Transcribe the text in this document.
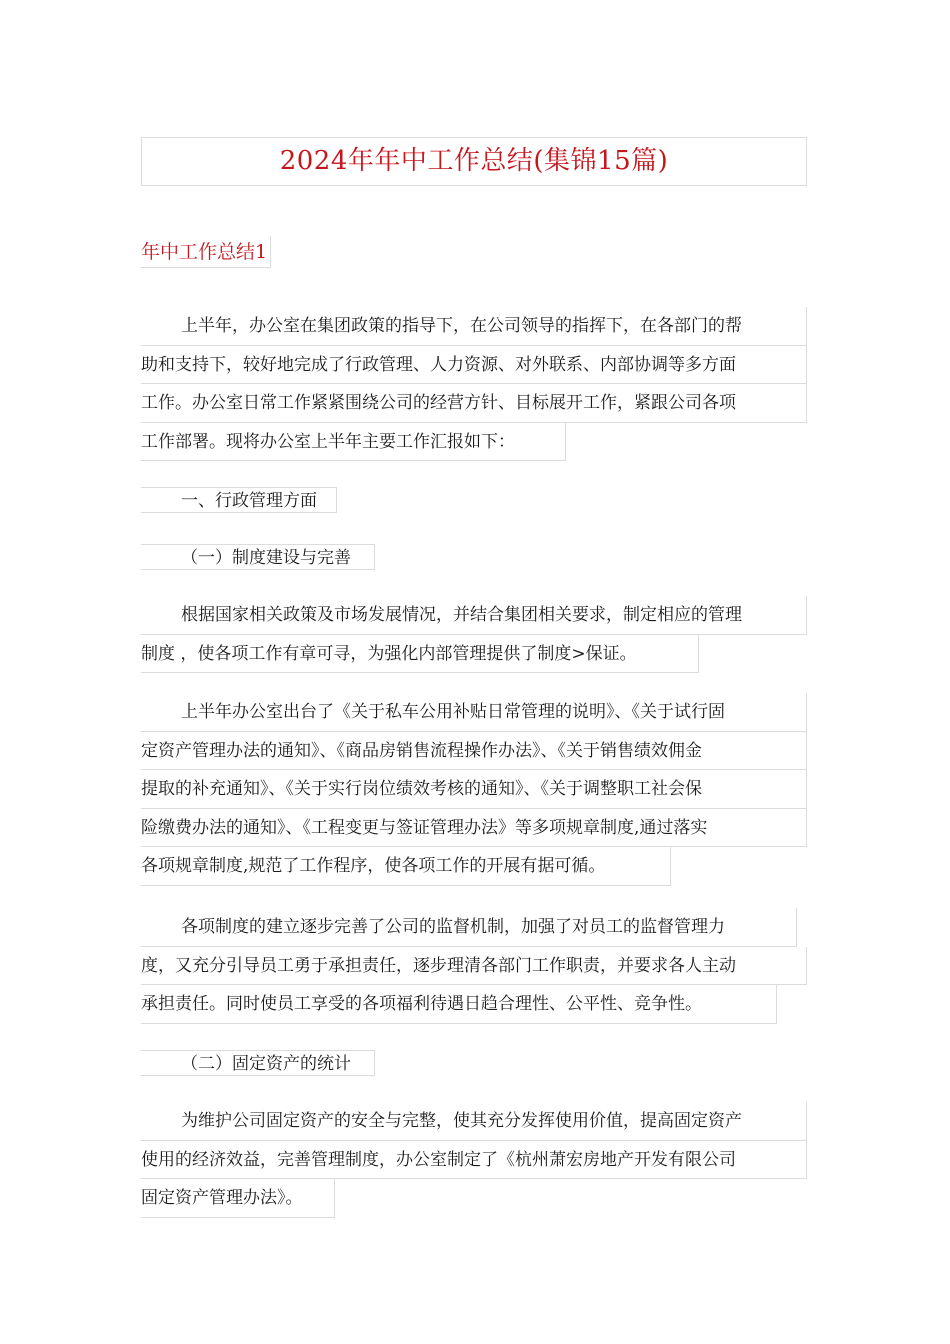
2024年年中工作总结(集锦15篇)
年中工作总结1
上半年，办公室在集团政策的指导下，在公司领导的指挥下，在各部门的帮
助和支持下，较好地完成了行政管理、人力资源、对外联系、内部协调等多方面
工作。办公室日常工作紧紧围绕公司的经营方针、目标展开工作，紧跟公司各项
工作部署。现将办公室上半年主要工作汇报如下：
一、行政管理方面
（一）制度建设与完善
根据国家相关政策及市场发展情况，并结合集团相关要求，制定相应的管理
制度 ，使各项工作有章可寻，为强化内部管理提供了制度>保证。
上半年办公室出台了《关于私车公用补贴日常管理的说明》、《关于试行固
定资产管理办法的通知》、《商品房销售流程操作办法》、《关于销售绩效佣金
提取的补充通知》、《关于实行岗位绩效考核的通知》、《关于调整职工社会保
险缴费办法的通知》、《工程变更与签证管理办法》等多项规章制度,通过落实
各项规章制度,规范了工作程序，使各项工作的开展有据可循。
各项制度的建立逐步完善了公司的监督机制，加强了对员工的监督管理力
度，又充分引导员工勇于承担责任，逐步理清各部门工作职责，并要求各人主动
承担责任。同时使员工享受的各项福利待遇日趋合理性、公平性、竞争性。
（二）固定资产的统计
为维护公司固定资产的安全与完整，使其充分发挥使用价值，提高固定资产
使用的经济效益，完善管理制度，办公室制定了《杭州萧宏房地产开发有限公司
固定资产管理办法》。
